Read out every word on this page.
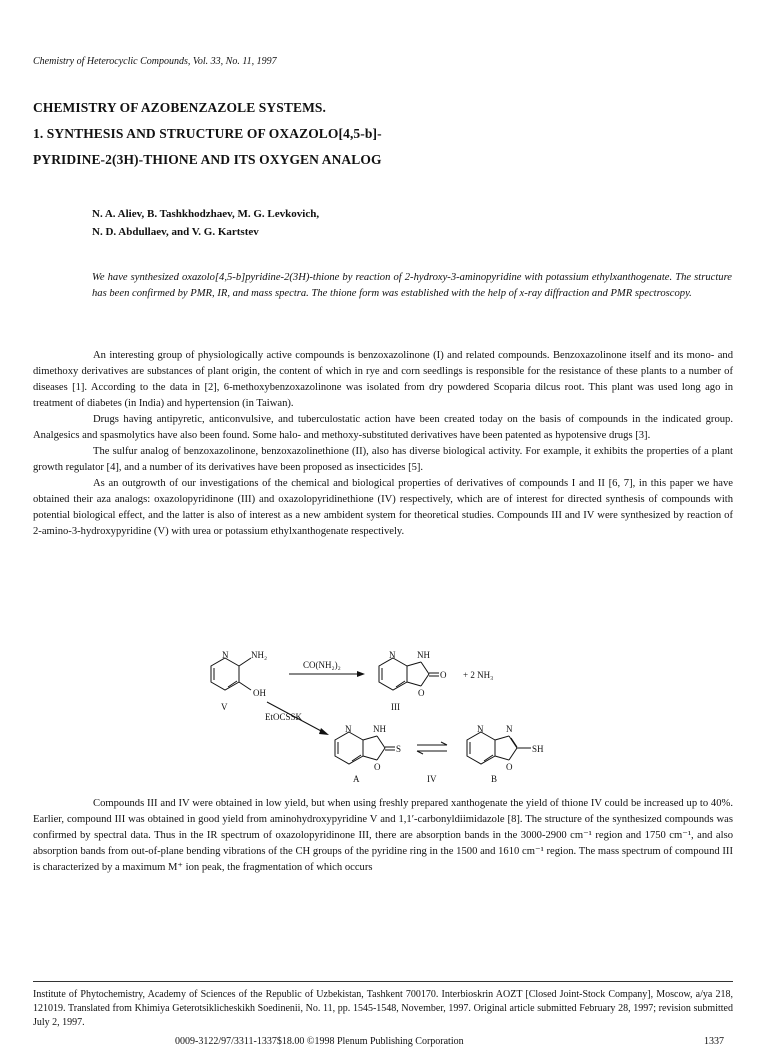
Chemistry of Heterocyclic Compounds, Vol. 33, No. 11, 1997
CHEMISTRY OF AZOBENZAZOLE SYSTEMS.
1. SYNTHESIS AND STRUCTURE OF OXAZOLO[4,5-b]-
PYRIDINE-2(3H)-THIONE AND ITS OXYGEN ANALOG
N. A. Aliev, B. Tashkhodzhaev, M. G. Levkovich,
N. D. Abdullaev, and V. G. Kartstev
We have synthesized oxazolo[4,5-b]pyridine-2(3H)-thione by reaction of 2-hydroxy-3-aminopyridine with potassium ethylxanthogenate. The structure has been confirmed by PMR, IR, and mass spectra. The thione form was established with the help of x-ray diffraction and PMR spectroscopy.

An interesting group of physiologically active compounds is benzoxazolinone (I) and related compounds. Benzoxazolinone itself and its mono- and dimethoxy derivatives are substances of plant origin, the content of which in rye and corn seedlings is responsible for the resistance of these plants to a number of diseases [1]. According to the data in [2], 6-methoxybenzoxazolinone was isolated from dry powdered Scoparia dilcus root. This plant was used long ago in treatment of diabetes (in India) and hypertension (in Taiwan).

Drugs having antipyretic, anticonvulsive, and tuberculostatic action have been created today on the basis of compounds in the indicated group. Analgesics and spasmolytics have also been found. Some halo- and methoxy-substituted derivatives have been patented as hypotensive drugs [3].

The sulfur analog of benzoxazolinone, benzoxazolinethione (II), also has diverse biological activity. For example, it exhibits the properties of a plant growth regulator [4], and a number of its derivatives have been proposed as insecticides [5].

As an outgrowth of our investigations of the chemical and biological properties of derivatives of compounds I and II [6, 7], in this paper we have obtained their aza analogs: oxazolopyridinone (III) and oxazolopyridinethione (IV) respectively, which are of interest for directed synthesis of compounds with potential biological effect, and the latter is also of interest as a new ambident system for theoretical studies. Compounds III and IV were synthesized by reaction of 2-amino-3-hydroxypyridine (V) with urea or potassium ethylxanthogenate respectively.

N	NH₂
OH
V
CO(NH₂)₂
N NH
O
O
+ 2 NH₃
III
EtOCSSK
N NH
S
O
A	IV
N	N
SH
O
B

Compounds III and IV were obtained in low yield, but when using freshly prepared xanthogenate the yield of thione IV could be increased up to 40%. Earlier, compound III was obtained in good yield from aminohydroxypyridine V and 1,1′-carbonyldiimidazole [8]. The structure of the synthesized compounds was confirmed by spectral data. Thus in the IR spectrum of oxazolopyridinone III, there are absorption bands in the 3000-2900 cm⁻¹ region and 1750 cm⁻¹, and also absorption bands from out-of-plane bending vibrations of the CH groups of the pyridine ring in the 1500 and 1610 cm⁻¹ region. The mass spectrum of compound III is characterized by a maximum M⁺ ion peak, the fragmentation of which occurs

Institute of Phytochemistry, Academy of Sciences of the Republic of Uzbekistan, Tashkent 700170. Interbioskrin AOZT [Closed Joint-Stock Company], Moscow, a/ya 218, 121019. Translated from Khimiya Geterotsiklicheskikh Soedinenii, No. 11, pp. 1545-1548, November, 1997. Original article submitted February 28, 1997; revision submitted July 2, 1997.
0009-3122/97/3311-1337$18.00 ©1998 Plenum Publishing Corporation	1337
